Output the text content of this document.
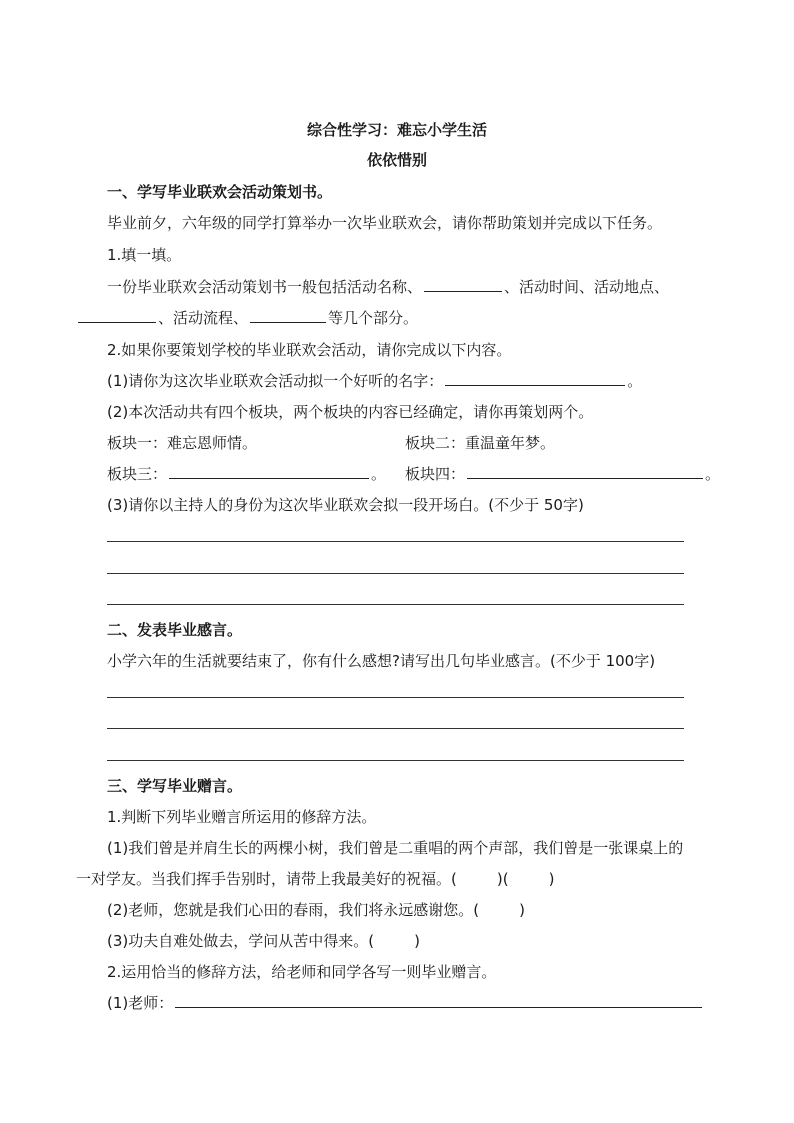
综合性学习：难忘小学生活
依依惜别
一、学写毕业联欢会活动策划书。
毕业前夕，六年级的同学打算举办一次毕业联欢会，请你帮助策划并完成以下任务。
1.填一填。
一份毕业联欢会活动策划书一般包括活动名称、	、活动时间、活动地点、
、活动流程、	等几个部分。
2.如果你要策划学校的毕业联欢会活动，请你完成以下内容。
(1)请你为这次毕业联欢会活动拟一个好听的名字：	。
(2)本次活动共有四个板块，两个板块的内容已经确定，请你再策划两个。
板块一：难忘恩师情。	板块二：重温童年梦。
板块三：	。 板块四：	。
(3)请你以主持人的身份为这次毕业联欢会拟一段开场白。(不少于 50字)
二、发表毕业感言。
小学六年的生活就要结束了，你有什么感想?请写出几句毕业感言。(不少于 100字)
三、学写毕业赠言。
1.判断下列毕业赠言所运用的修辞方法。
(1)我们曾是并肩生长的两棵小树，我们曾是二重唱的两个声部，我们曾是一张课桌上的
一对学友。当我们挥手告别时，请带上我最美好的祝福。(	)(	)
(2)老师，您就是我们心田的春雨，我们将永远感谢您。(	)
(3)功夫自难处做去，学问从苦中得来。(	)
2.运用恰当的修辞方法，给老师和同学各写一则毕业赠言。
(1)老师：
